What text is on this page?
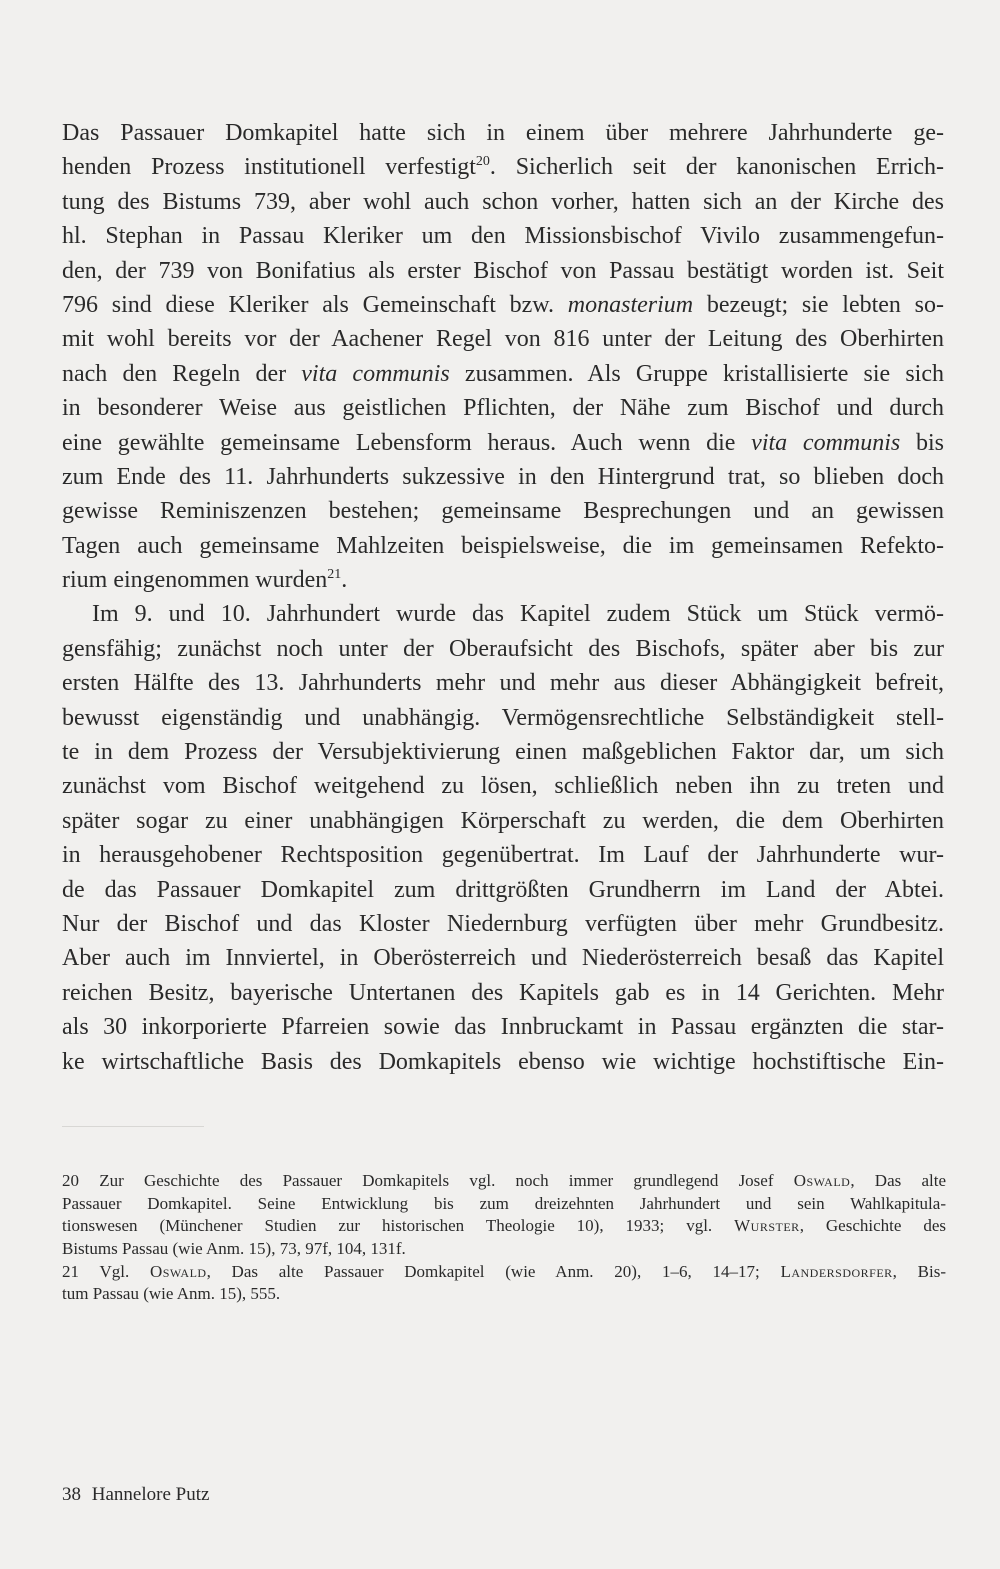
Das Passauer Domkapitel hatte sich in einem über mehrere Jahrhunderte ge-
henden Prozess institutionell verfestigt$^{20}$. Sicherlich seit der kanonischen Errich-
tung des Bistums 739, aber wohl auch schon vorher, hatten sich an der Kirche des
hl. Stephan in Passau Kleriker um den Missionsbischof Vivilo zusammengefun-
den, der 739 von Bonifatius als erster Bischof von Passau bestätigt worden ist. Seit
796 sind diese Kleriker als Gemeinschaft bzw. monasterium bezeugt; sie lebten so-
mit wohl bereits vor der Aachener Regel von 816 unter der Leitung des Oberhirten
nach den Regeln der vita communis zusammen. Als Gruppe kristallisierte sie sich
in besonderer Weise aus geistlichen Pflichten, der Nähe zum Bischof und durch
eine gewählte gemeinsame Lebensform heraus. Auch wenn die vita communis bis
zum Ende des 11. Jahrhunderts sukzessive in den Hintergrund trat, so blieben doch
gewisse Reminiszenzen bestehen; gemeinsame Besprechungen und an gewissen
Tagen auch gemeinsame Mahlzeiten beispielsweise, die im gemeinsamen Refekto-
rium eingenommen wurden$^{21}$.
Im 9. und 10. Jahrhundert wurde das Kapitel zudem Stück um Stück vermö-
gensfähig; zunächst noch unter der Oberaufsicht des Bischofs, später aber bis zur
ersten Hälfte des 13. Jahrhunderts mehr und mehr aus dieser Abhängigkeit befreit,
bewusst eigenständig und unabhängig. Vermögensrechtliche Selbständigkeit stell-
te in dem Prozess der Versubjektivierung einen maßgeblichen Faktor dar, um sich
zunächst vom Bischof weitgehend zu lösen, schließlich neben ihn zu treten und
später sogar zu einer unabhängigen Körperschaft zu werden, die dem Oberhirten
in herausgehobener Rechtsposition gegenübertrat. Im Lauf der Jahrhunderte wur-
de das Passauer Domkapitel zum drittgrößten Grundherrn im Land der Abtei.
Nur der Bischof und das Kloster Niedernburg verfügten über mehr Grundbesitz.
Aber auch im Innviertel, in Oberösterreich und Niederösterreich besaß das Kapitel
reichen Besitz, bayerische Untertanen des Kapitels gab es in 14 Gerichten. Mehr
als 30 inkorporierte Pfarreien sowie das Innbruckamt in Passau ergänzten die star-
ke wirtschaftliche Basis des Domkapitels ebenso wie wichtige hochstiftische Ein-
20 Zur Geschichte des Passauer Domkapitels vgl. noch immer grundlegend Josef Oswald, Das alte
Passauer Domkapitel. Seine Entwicklung bis zum dreizehnten Jahrhundert und sein Wahlkapitula-
tionswesen (Münchener Studien zur historischen Theologie 10), 1933; vgl. Wurster, Geschichte des
Bistums Passau (wie Anm. 15), 73, 97f, 104, 131f.
21 Vgl. Oswald, Das alte Passauer Domkapitel (wie Anm. 20), 1–6, 14–17; Landersdorfer, Bis-
tum Passau (wie Anm. 15), 555.
38 Hannelore Putz
